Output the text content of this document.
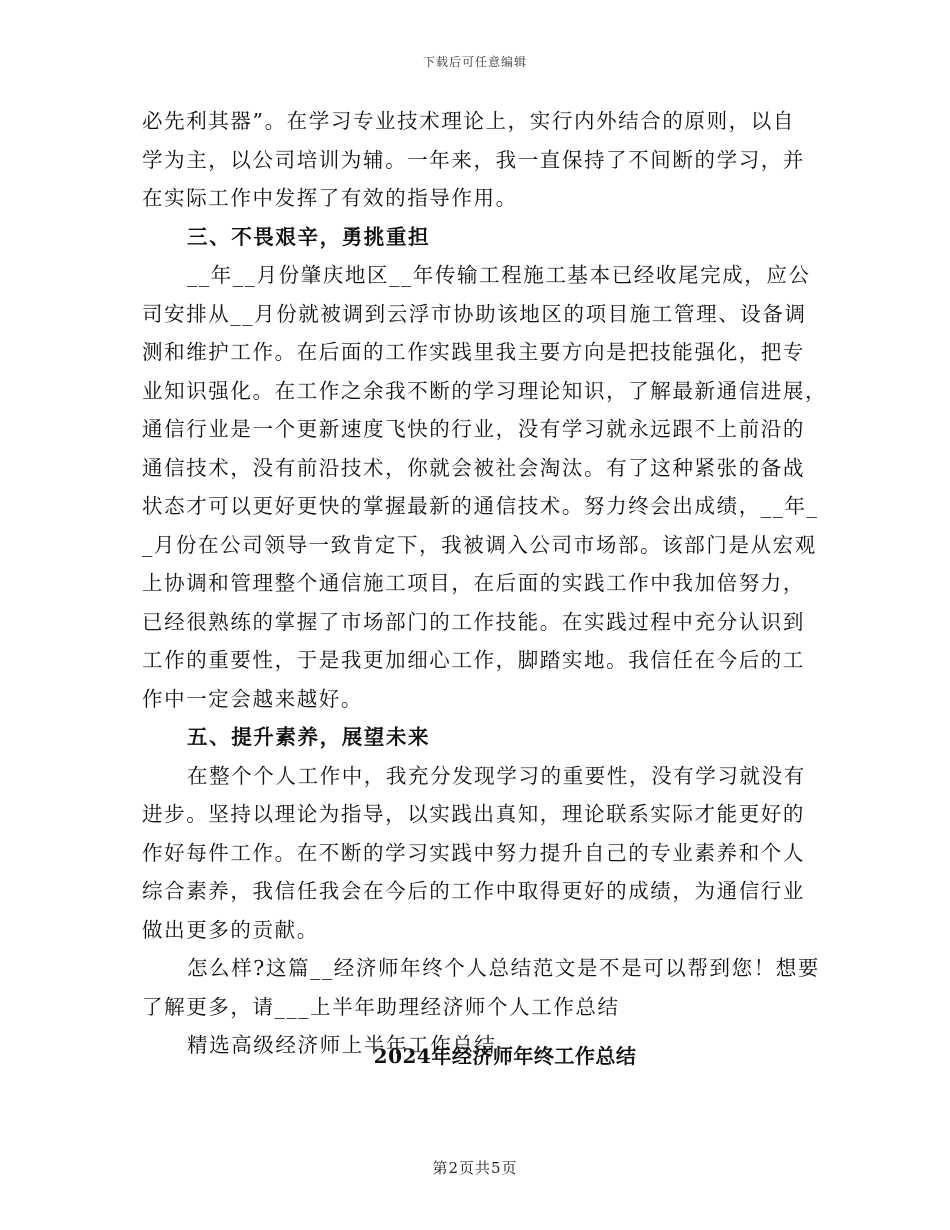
下载后可任意编辑
必先利其器”。在学习专业技术理论上，实行内外结合的原则，以自
学为主，以公司培训为辅。一年来，我一直保持了不间断的学习，并
在实际工作中发挥了有效的指导作用。
三、不畏艰辛，勇挑重担
__年__月份肇庆地区__年传输工程施工基本已经收尾完成，应公
司安排从__月份就被调到云浮市协助该地区的项目施工管理、设备调
测和维护工作。在后面的工作实践里我主要方向是把技能强化，把专
业知识强化。在工作之余我不断的学习理论知识，了解最新通信进展，
通信行业是一个更新速度飞快的行业，没有学习就永远跟不上前沿的
通信技术，没有前沿技术，你就会被社会淘汰。有了这种紧张的备战
状态才可以更好更快的掌握最新的通信技术。努力终会出成绩，__年_
_月份在公司领导一致肯定下，我被调入公司市场部。该部门是从宏观
上协调和管理整个通信施工项目，在后面的实践工作中我加倍努力，
已经很熟练的掌握了市场部门的工作技能。在实践过程中充分认识到
工作的重要性，于是我更加细心工作，脚踏实地。我信任在今后的工
作中一定会越来越好。
五、提升素养，展望未来
在整个个人工作中，我充分发现学习的重要性，没有学习就没有
进步。坚持以理论为指导，以实践出真知，理论联系实际才能更好的
作好每件工作。在不断的学习实践中努力提升自己的专业素养和个人
综合素养，我信任我会在今后的工作中取得更好的成绩，为通信行业
做出更多的贡献。
怎么样?这篇__经济师年终个人总结范文是不是可以帮到您！想要
了解更多，请___上半年助理经济师个人工作总结
精选高级经济师上半年工作总结
2024年经济师年终工作总结
第2页共5页
